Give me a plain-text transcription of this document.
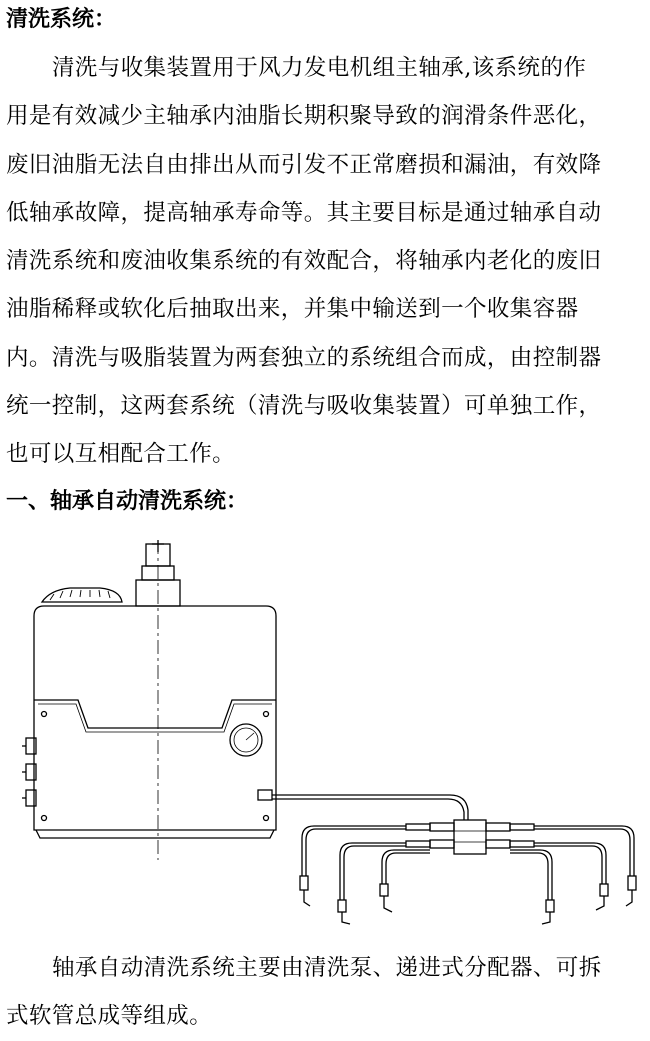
清洗系统：
清洗与收集装置用于风力发电机组主轴承,该系统的作
用是有效减少主轴承内油脂长期积聚导致的润滑条件恶化，
废旧油脂无法自由排出从而引发不正常磨损和漏油，有效降
低轴承故障，提高轴承寿命等。其主要目标是通过轴承自动
清洗系统和废油收集系统的有效配合，将轴承内老化的废旧
油脂稀释或软化后抽取出来，并集中输送到一个收集容器
内。清洗与吸脂装置为两套独立的系统组合而成，由控制器
统一控制，这两套系统（清洗与吸收集装置）可单独工作，
也可以互相配合工作。
一、轴承自动清洗系统：
轴承自动清洗系统主要由清洗泵、递进式分配器、可拆
式软管总成等组成。
